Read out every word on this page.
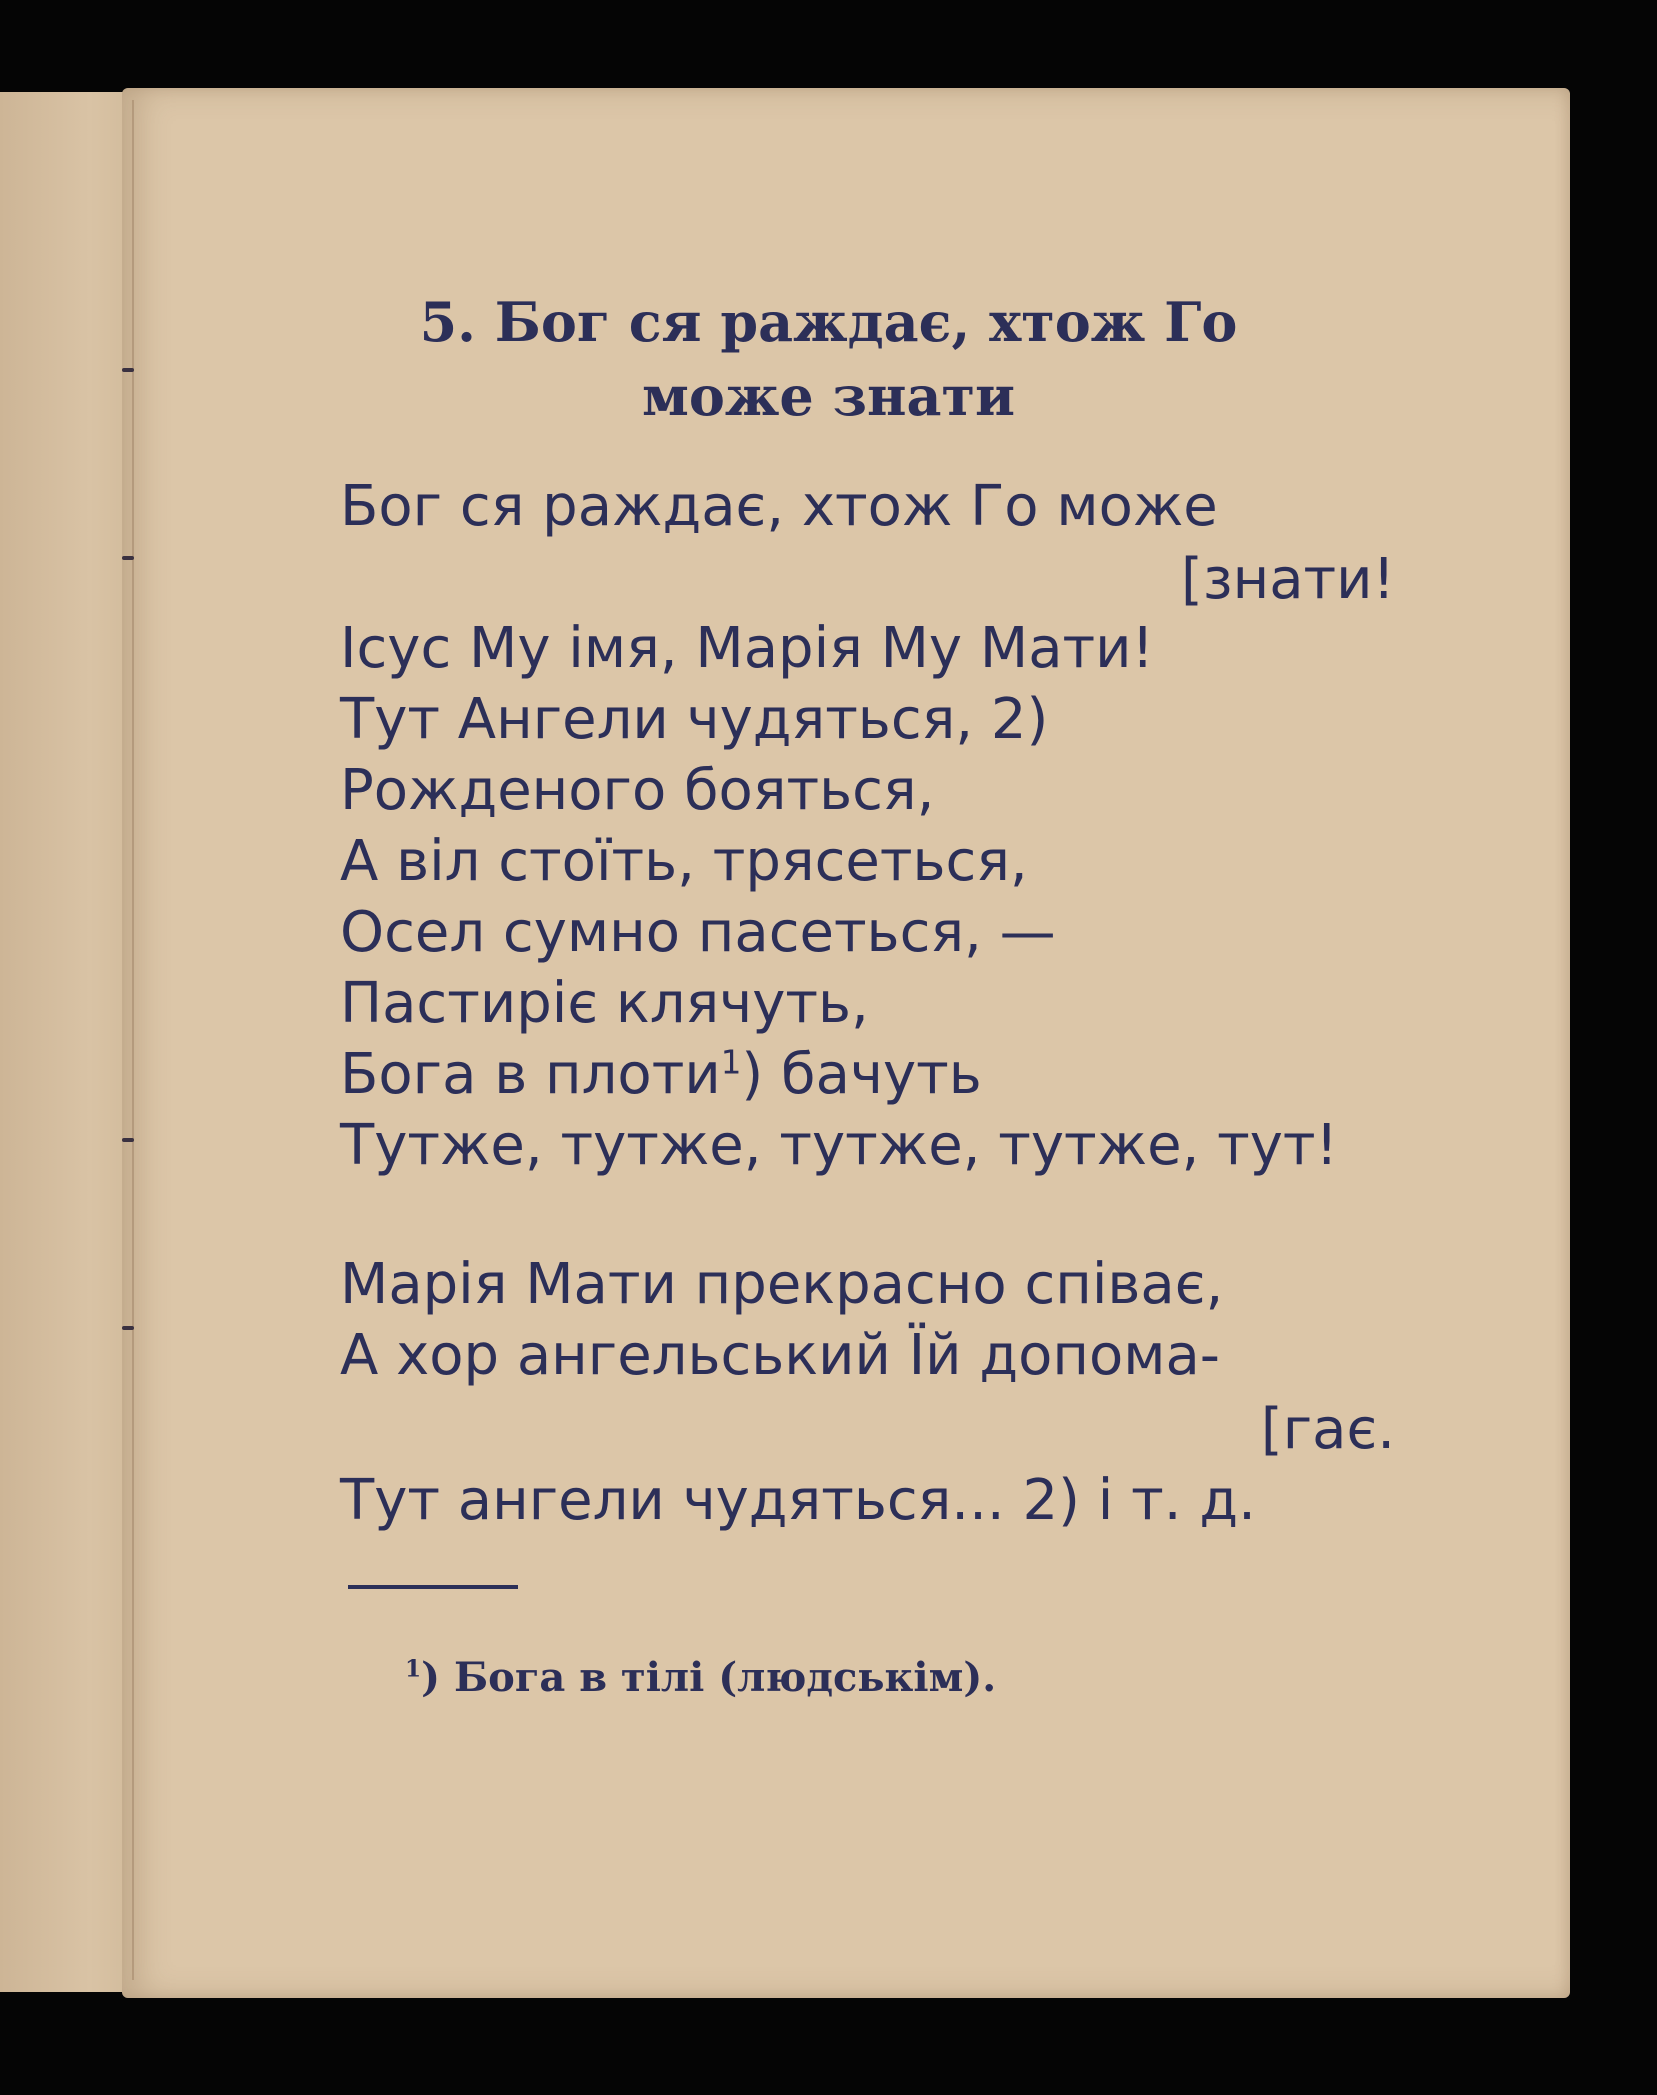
5. Бог ся раждає, хтож Го
може знати
Бог ся раждає, хтож Го може
[знати!
Ісус Му імя, Марія Му Мати!
Тут Ангели чудяться, 2)
Рожденого бояться,
А віл стоїть, трясеться,
Осел сумно пасеться, —
Пастиріє клячуть,
Бога в плоти$^1$) бачуть
Тутже, тутже, тутже, тутже, тут!
Марія Мати прекрасно співає,
А хор ангельський Їй допома-
[гає.
Тут ангели чудяться... 2) і т. д.
$^1$) Бога в тілі (людськім).
